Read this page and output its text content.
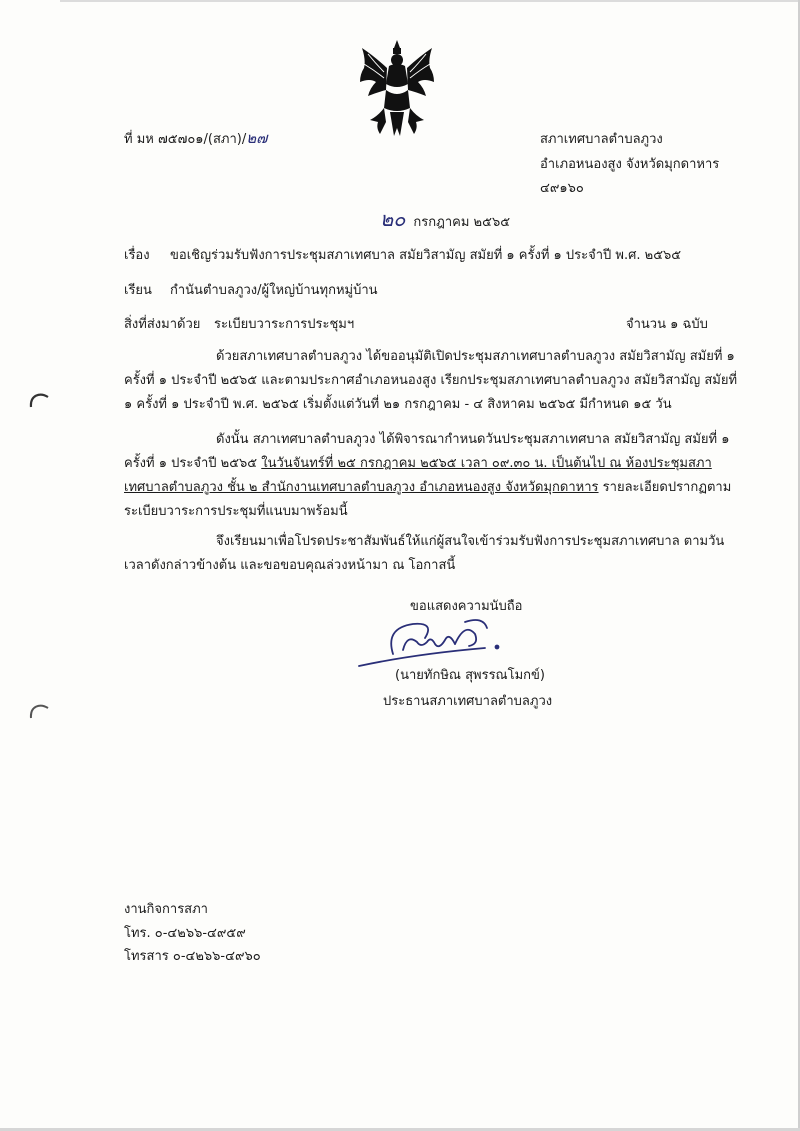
ที่ มห ๗๕๗๐๑/(สภา)/๒๗	สภาเทศบาลตำบลภูวง
อำเภอหนองสูง จังหวัดมุกดาหาร
๔๙๑๖๐
๒๐ กรกฎาคม ๒๕๖๕
เรื่อง ขอเชิญร่วมรับฟังการประชุมสภาเทศบาล สมัยวิสามัญ สมัยที่ ๑ ครั้งที่ ๑ ประจำปี พ.ศ. ๒๕๖๕
เรียน กำนันตำบลภูวง/ผู้ใหญ่บ้านทุกหมู่บ้าน
สิ่งที่ส่งมาด้วย ระเบียบวาระการประชุมฯ	จำนวน ๑ ฉบับ
ด้วยสภาเทศบาลตำบลภูวง ได้ขออนุมัติเปิดประชุมสภาเทศบาลตำบลภูวง สมัยวิสามัญ สมัยที่ ๑
ครั้งที่ ๑ ประจำปี ๒๕๖๕ และตามประกาศอำเภอหนองสูง เรียกประชุมสภาเทศบาลตำบลภูวง สมัยวิสามัญ สมัยที่
๑ ครั้งที่ ๑ ประจำปี พ.ศ. ๒๕๖๕ เริ่มตั้งแต่วันที่ ๒๑ กรกฎาคม - ๔ สิงหาคม ๒๕๖๕ มีกำหนด ๑๕ วัน
ดังนั้น สภาเทศบาลตำบลภูวง ได้พิจารณากำหนดวันประชุมสภาเทศบาล สมัยวิสามัญ สมัยที่ ๑
ครั้งที่ ๑ ประจำปี ๒๕๖๕ ในวันจันทร์ที่ ๒๕ กรกฎาคม ๒๕๖๕ เวลา ๐๙.๓๐ น. เป็นต้นไป ณ ห้องประชุมสภา
เทศบาลตำบลภูวง ชั้น ๒ สำนักงานเทศบาลตำบลภูวง อำเภอหนองสูง จังหวัดมุกดาหาร รายละเอียดปรากฏตาม
ระเบียบวาระการประชุมที่แนบมาพร้อมนี้
จึงเรียนมาเพื่อโปรดประชาสัมพันธ์ให้แก่ผู้สนใจเข้าร่วมรับฟังการประชุมสภาเทศบาล ตามวัน
เวลาดังกล่าวข้างต้น และขอขอบคุณล่วงหน้ามา ณ โอกาสนี้
ขอแสดงความนับถือ
(นายทักษิณ สุพรรณโมกข์)
ประธานสภาเทศบาลตำบลภูวง
งานกิจการสภา
โทร. ๐-๔๒๖๖-๔๙๕๙
โทรสาร ๐-๔๒๖๖-๔๙๖๐
